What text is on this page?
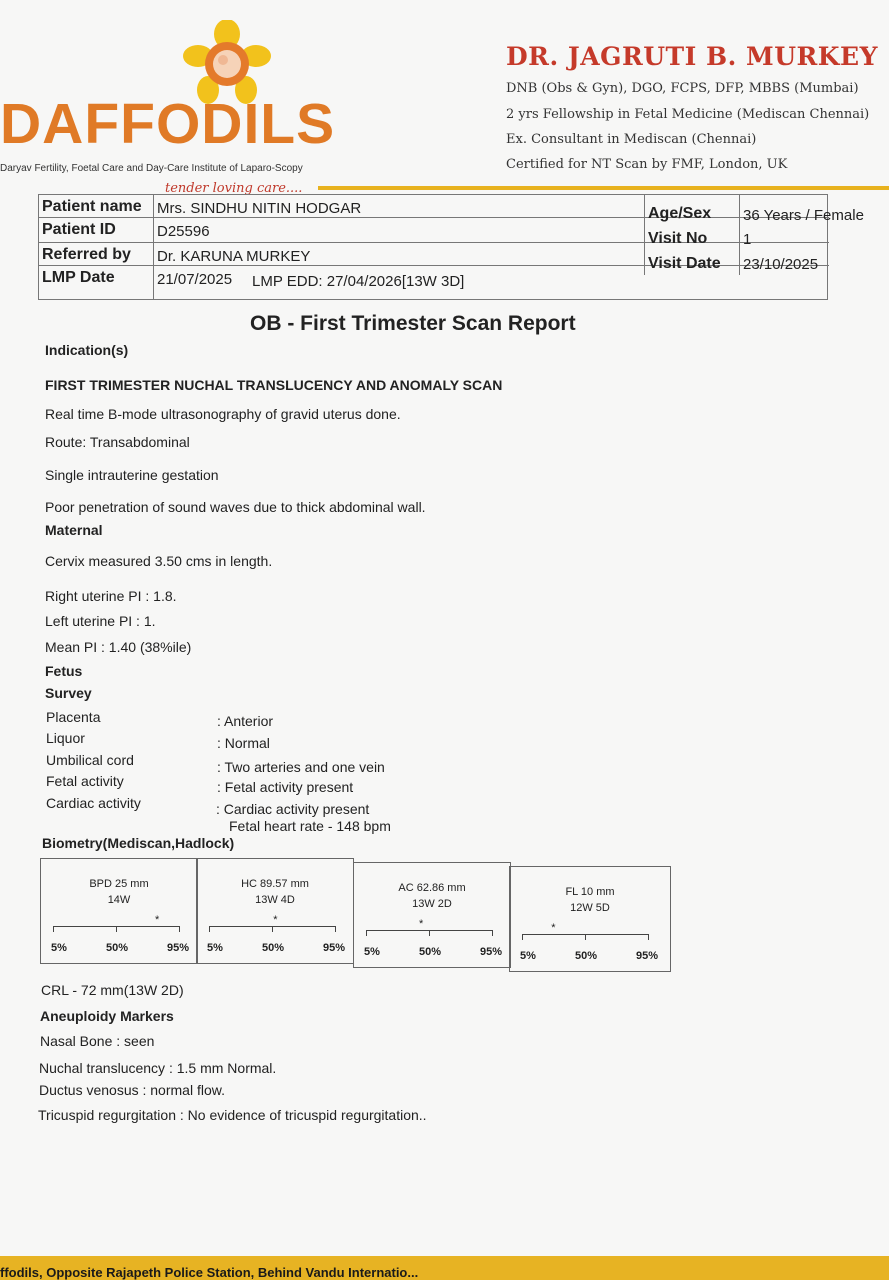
DAFFODILS
Daryav Fertility, Foetal Care and Day-Care Institute of Laparo-Scopy
tender loving care....
DR. JAGRUTI B. MURKEY
DNB (Obs & Gyn), DGO, FCPS, DFP, MBBS (Mumbai)
2 yrs Fellowship in Fetal Medicine (Mediscan Chennai)
Ex. Consultant in Mediscan (Chennai)
Certified for NT Scan by FMF, London, UK
Patient name Mrs. SINDHU NITIN HODGAR
Patient ID	D25596
Referred by Dr. KARUNA MURKEY
LMP Date	21/07/2025 LMP EDD: 27/04/2026[13W 3D]
Age/Sex 36 Years / Female
Visit No 1
Visit Date 23/10/2025
OB - First Trimester Scan Report
Indication(s)
FIRST TRIMESTER NUCHAL TRANSLUCENCY AND ANOMALY SCAN
Real time B-mode ultrasonography of gravid uterus done.
Route: Transabdominal
Single intrauterine gestation
Poor penetration of sound waves due to thick abdominal wall.
Maternal
Cervix measured 3.50 cms in length.
Right uterine PI : 1.8.
Left uterine PI : 1.
Mean PI : 1.40 (38%ile)
Fetus
Survey
Placenta	: Anterior
Liquor	: Normal
Umbilical cord	: Two arteries and one vein
Fetal activity	: Fetal activity present
Cardiac activity	: Cardiac activity present
Fetal heart rate - 148 bpm
Biometry(Mediscan,Hadlock)
BPD 25 mm
14W
5%	50%	95%
*
HC 89.57 mm
13W 4D
5%	50%	95%
*
AC 62.86 mm
13W 2D
5%	50%	95%
*
FL 10 mm
12W 5D
5%	50%	95%
*
CRL - 72 mm(13W 2D)
Aneuploidy Markers
Nasal Bone : seen
Nuchal translucency : 1.5 mm Normal.
Ductus venosus : normal flow.
Tricuspid regurgitation : No evidence of tricuspid regurgitation..
ffodils, Opposite Rajapeth Police Station, Behind Vandu Internatio...
